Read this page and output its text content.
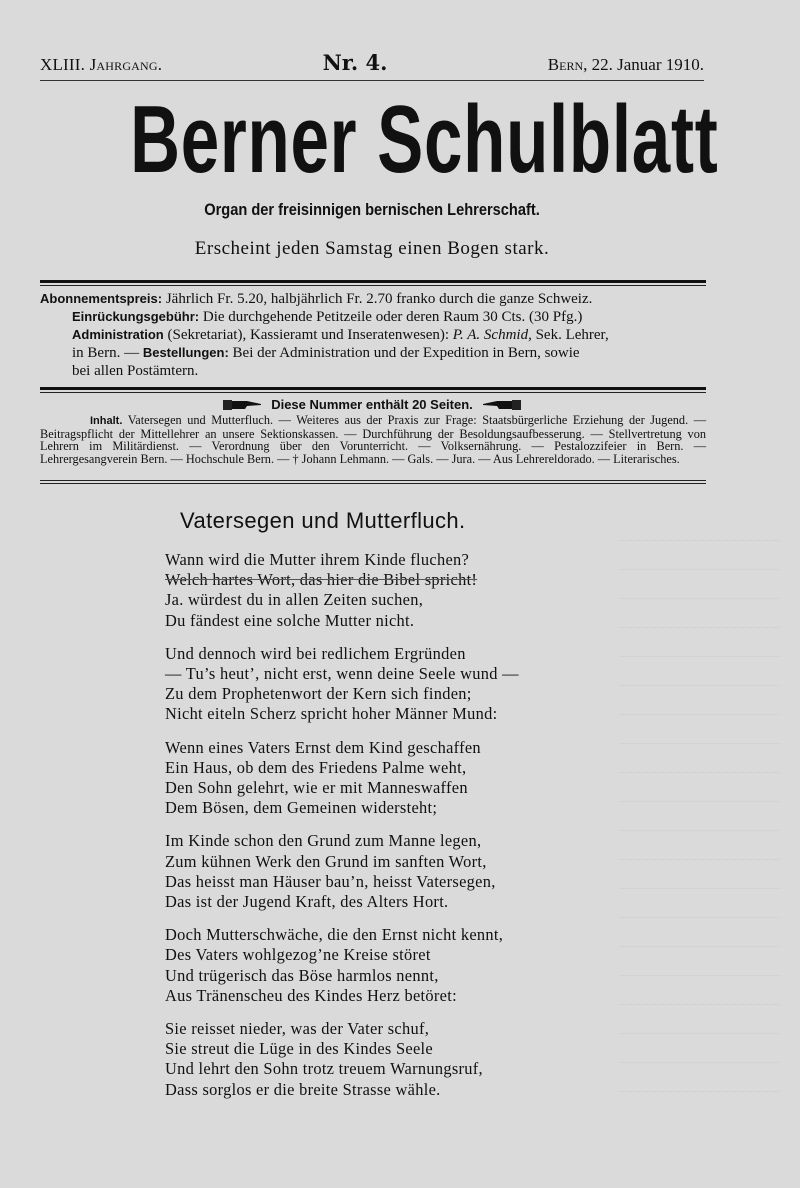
XLIII. Jahrgang.	Nr. 4.	Bern, 22. Januar 1910.
Berner Schulblatt
Organ der freisinnigen bernischen Lehrerschaft.
Erscheint jeden Samstag einen Bogen stark.
Abonnementspreis: Jährlich Fr. 5.20, halbjährlich Fr. 2.70 franko durch die ganze Schweiz.
Einrückungsgebühr: Die durchgehende Petitzeile oder deren Raum 30 Cts. (30 Pfg.)
Administration (Sekretariat), Kassieramt und Inseratenwesen): P. A. Schmid, Sek. Lehrer,
in Bern. — Bestellungen: Bei der Administration und der Expedition in Bern, sowie
bei allen Postämtern.
Diese Nummer enthält 20 Seiten.
Inhalt. Vatersegen und Mutterfluch. — Weiteres aus der Praxis zur Frage: Staatsbürgerliche Erziehung der Jugend. — Beitragspflicht der Mittellehrer an unsere Sektionskassen. — Durchführung der Besoldungsaufbesserung. — Stellvertretung von Lehrern im Militärdienst. — Verordnung über den Vorunterricht. — Volksernährung. — Pestalozzifeier in Bern. — Lehrergesangverein Bern. — Hochschule Bern. — † Johann Lehmann. — Gals. — Jura. — Aus Lehrereldorado. — Literarisches.
Vatersegen und Mutterfluch.
Wann wird die Mutter ihrem Kinde fluchen?
Welch hartes Wort, das hier die Bibel spricht!
Ja. würdest du in allen Zeiten suchen,
Du fändest eine solche Mutter nicht.
Und dennoch wird bei redlichem Ergründen
— Tu’s heut’, nicht erst, wenn deine Seele wund —
Zu dem Prophetenwort der Kern sich finden;
Nicht eiteln Scherz spricht hoher Männer Mund:
Wenn eines Vaters Ernst dem Kind geschaffen
Ein Haus, ob dem des Friedens Palme weht,
Den Sohn gelehrt, wie er mit Manneswaffen
Dem Bösen, dem Gemeinen widersteht;
Im Kinde schon den Grund zum Manne legen,
Zum kühnen Werk den Grund im sanften Wort,
Das heisst man Häuser bau’n, heisst Vatersegen,
Das ist der Jugend Kraft, des Alters Hort.
Doch Mutterschwäche, die den Ernst nicht kennt,
Des Vaters wohlgezog’ne Kreise störet
Und trügerisch das Böse harmlos nennt,
Aus Tränenscheu des Kindes Herz betöret:
Sie reisset nieder, was der Vater schuf,
Sie streut die Lüge in des Kindes Seele
Und lehrt den Sohn trotz treuem Warnungsruf,
Dass sorglos er die breite Strasse wähle.
